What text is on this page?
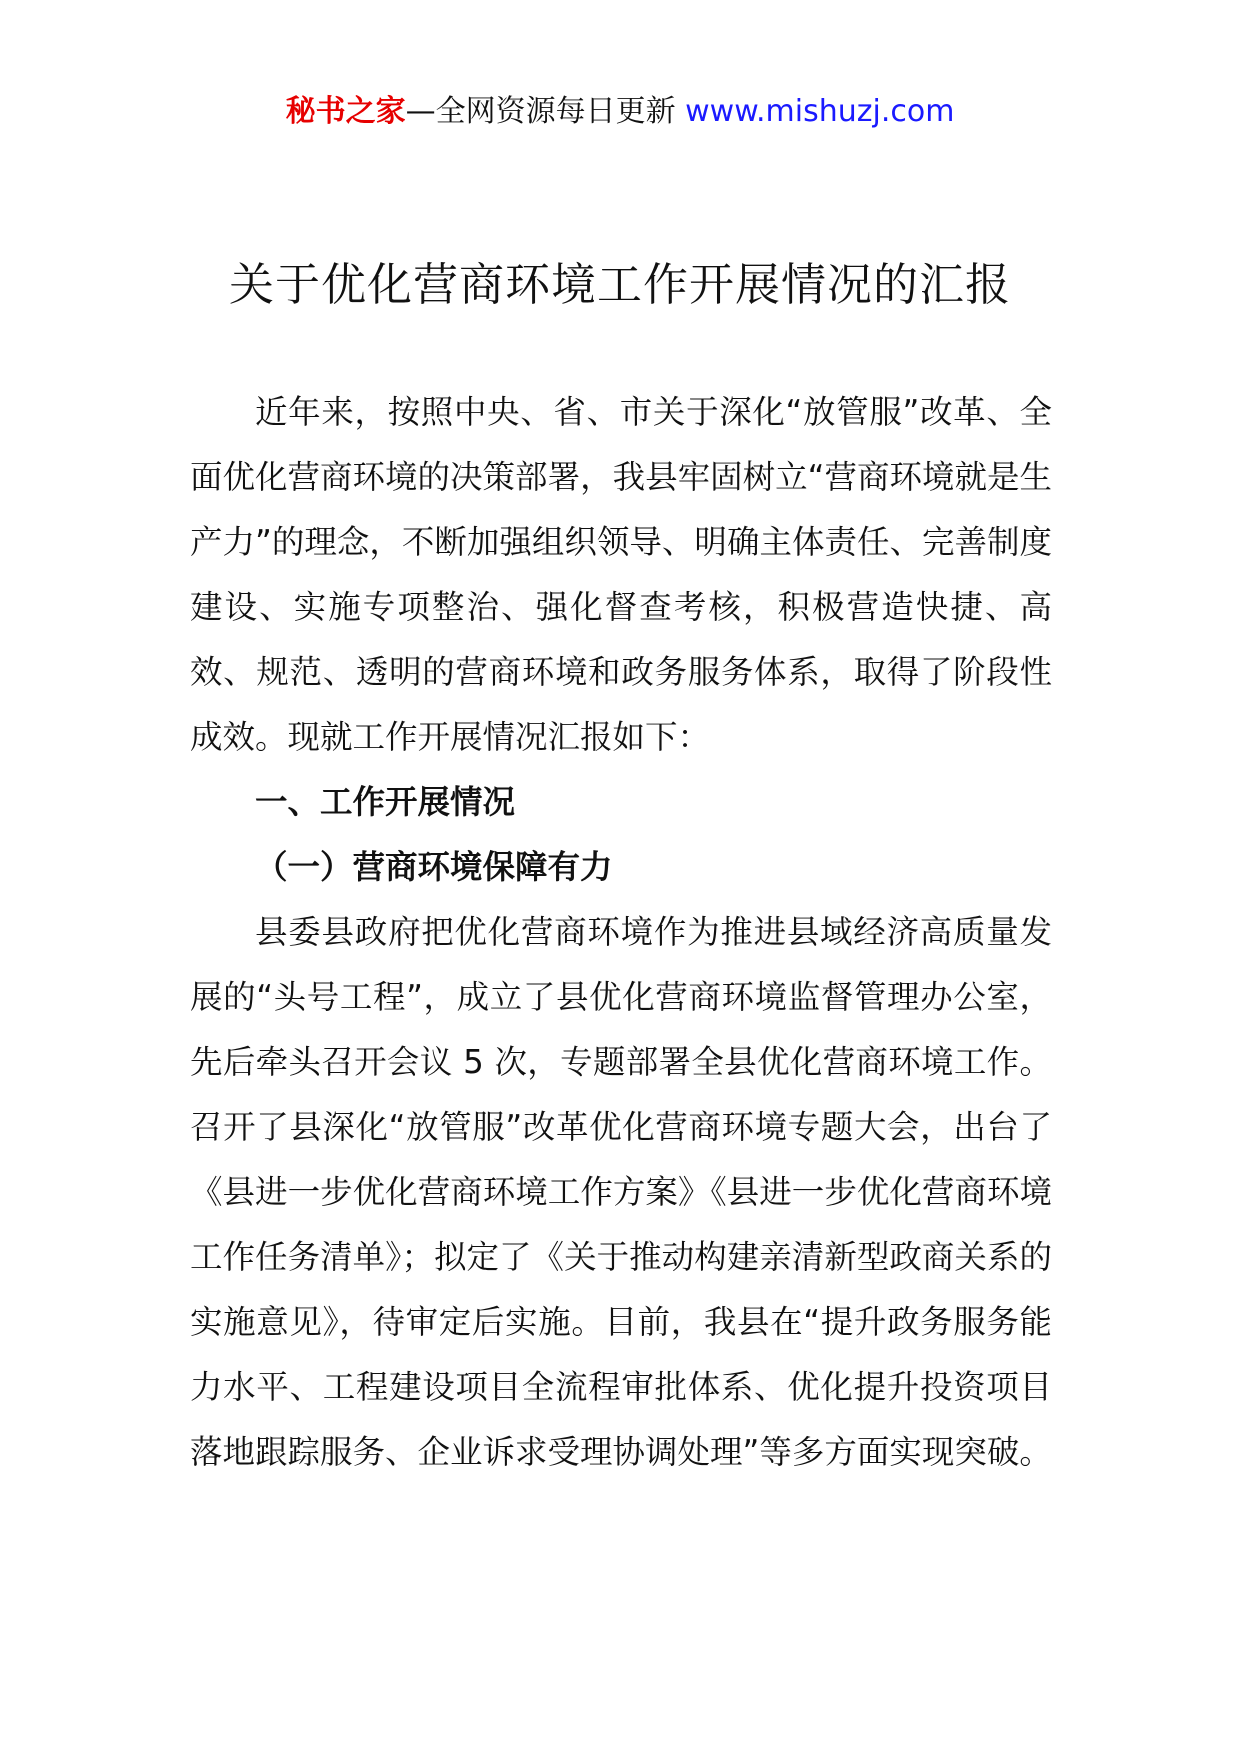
秘书之家—全网资源每日更新 www.mishuzj.com
关于优化营商环境工作开展情况的汇报

近年来，按照中央、省、市关于深化“放管服”改革、全面优化营商环境的决策部署，我县牢固树立“营商环境就是生产力”的理念，不断加强组织领导、明确主体责任、完善制度建设、实施专项整治、强化督查考核，积极营造快捷、高效、规范、透明的营商环境和政务服务体系，取得了阶段性成效。现就工作开展情况汇报如下：

一、工作开展情况

（一）营商环境保障有力

县委县政府把优化营商环境作为推进县域经济高质量发展的“头号工程”，成立了县优化营商环境监督管理办公室，先后牵头召开会议 5 次，专题部署全县优化营商环境工作。召开了县深化“放管服”改革优化营商环境专题大会，出台了《县进一步优化营商环境工作方案》《县进一步优化营商环境工作任务清单》；拟定了《关于推动构建亲清新型政商关系的实施意见》，待审定后实施。目前，我县在“提升政务服务能力水平、工程建设项目全流程审批体系、优化提升投资项目落地跟踪服务、企业诉求受理协调处理”等多方面实现突破。
